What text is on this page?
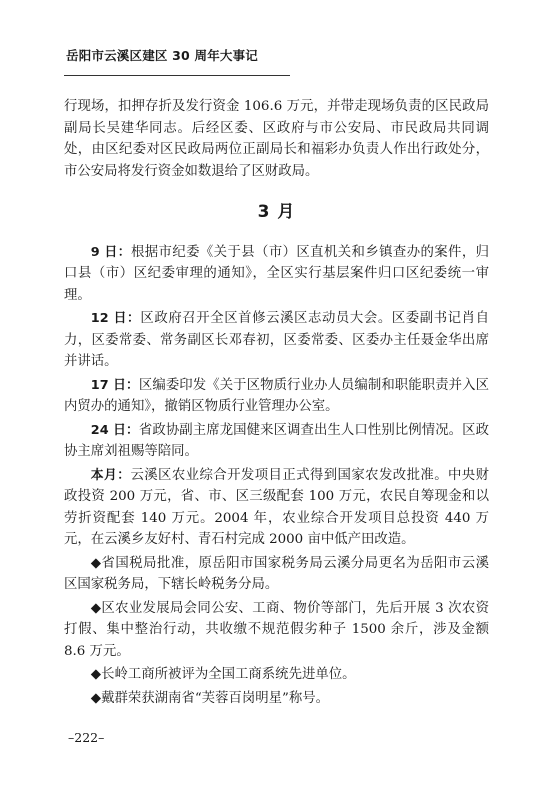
岳阳市云溪区建区 30 周年大事记

行现场，扣押存折及发行资金 106.6 万元，并带走现场负责的区民政局副局长吴建华同志。后经区委、区政府与市公安局、市民政局共同调处，由区纪委对区民政局两位正副局长和福彩办负责人作出行政处分，市公安局将发行资金如数退给了区财政局。

3 月

9 日：根据市纪委《关于县（市）区直机关和乡镇查办的案件，归口县（市）区纪委审理的通知》，全区实行基层案件归口区纪委统一审理。

12 日：区政府召开全区首修云溪区志动员大会。区委副书记肖自力，区委常委、常务副区长邓春初，区委常委、区委办主任聂金华出席并讲话。

17 日：区编委印发《关于区物质行业办人员编制和职能职责并入区内贸办的通知》，撤销区物质行业管理办公室。

24 日：省政协副主席龙国健来区调查出生人口性别比例情况。区政协主席刘祖赐等陪同。

本月：云溪区农业综合开发项目正式得到国家农发改批准。中央财政投资 200 万元，省、市、区三级配套 100 万元，农民自筹现金和以劳折资配套 140 万元。2004 年，农业综合开发项目总投资 440 万元，在云溪乡友好村、青石村完成 2000 亩中低产田改造。

◆省国税局批准，原岳阳市国家税务局云溪分局更名为岳阳市云溪区国家税务局，下辖长岭税务分局。

◆区农业发展局会同公安、工商、物价等部门，先后开展 3 次农资打假、集中整治行动，共收缴不规范假劣种子 1500 余斤，涉及金额 8.6 万元。

◆长岭工商所被评为全国工商系统先进单位。

◆戴群荣获湖南省“芙蓉百岗明星”称号。

–222–
